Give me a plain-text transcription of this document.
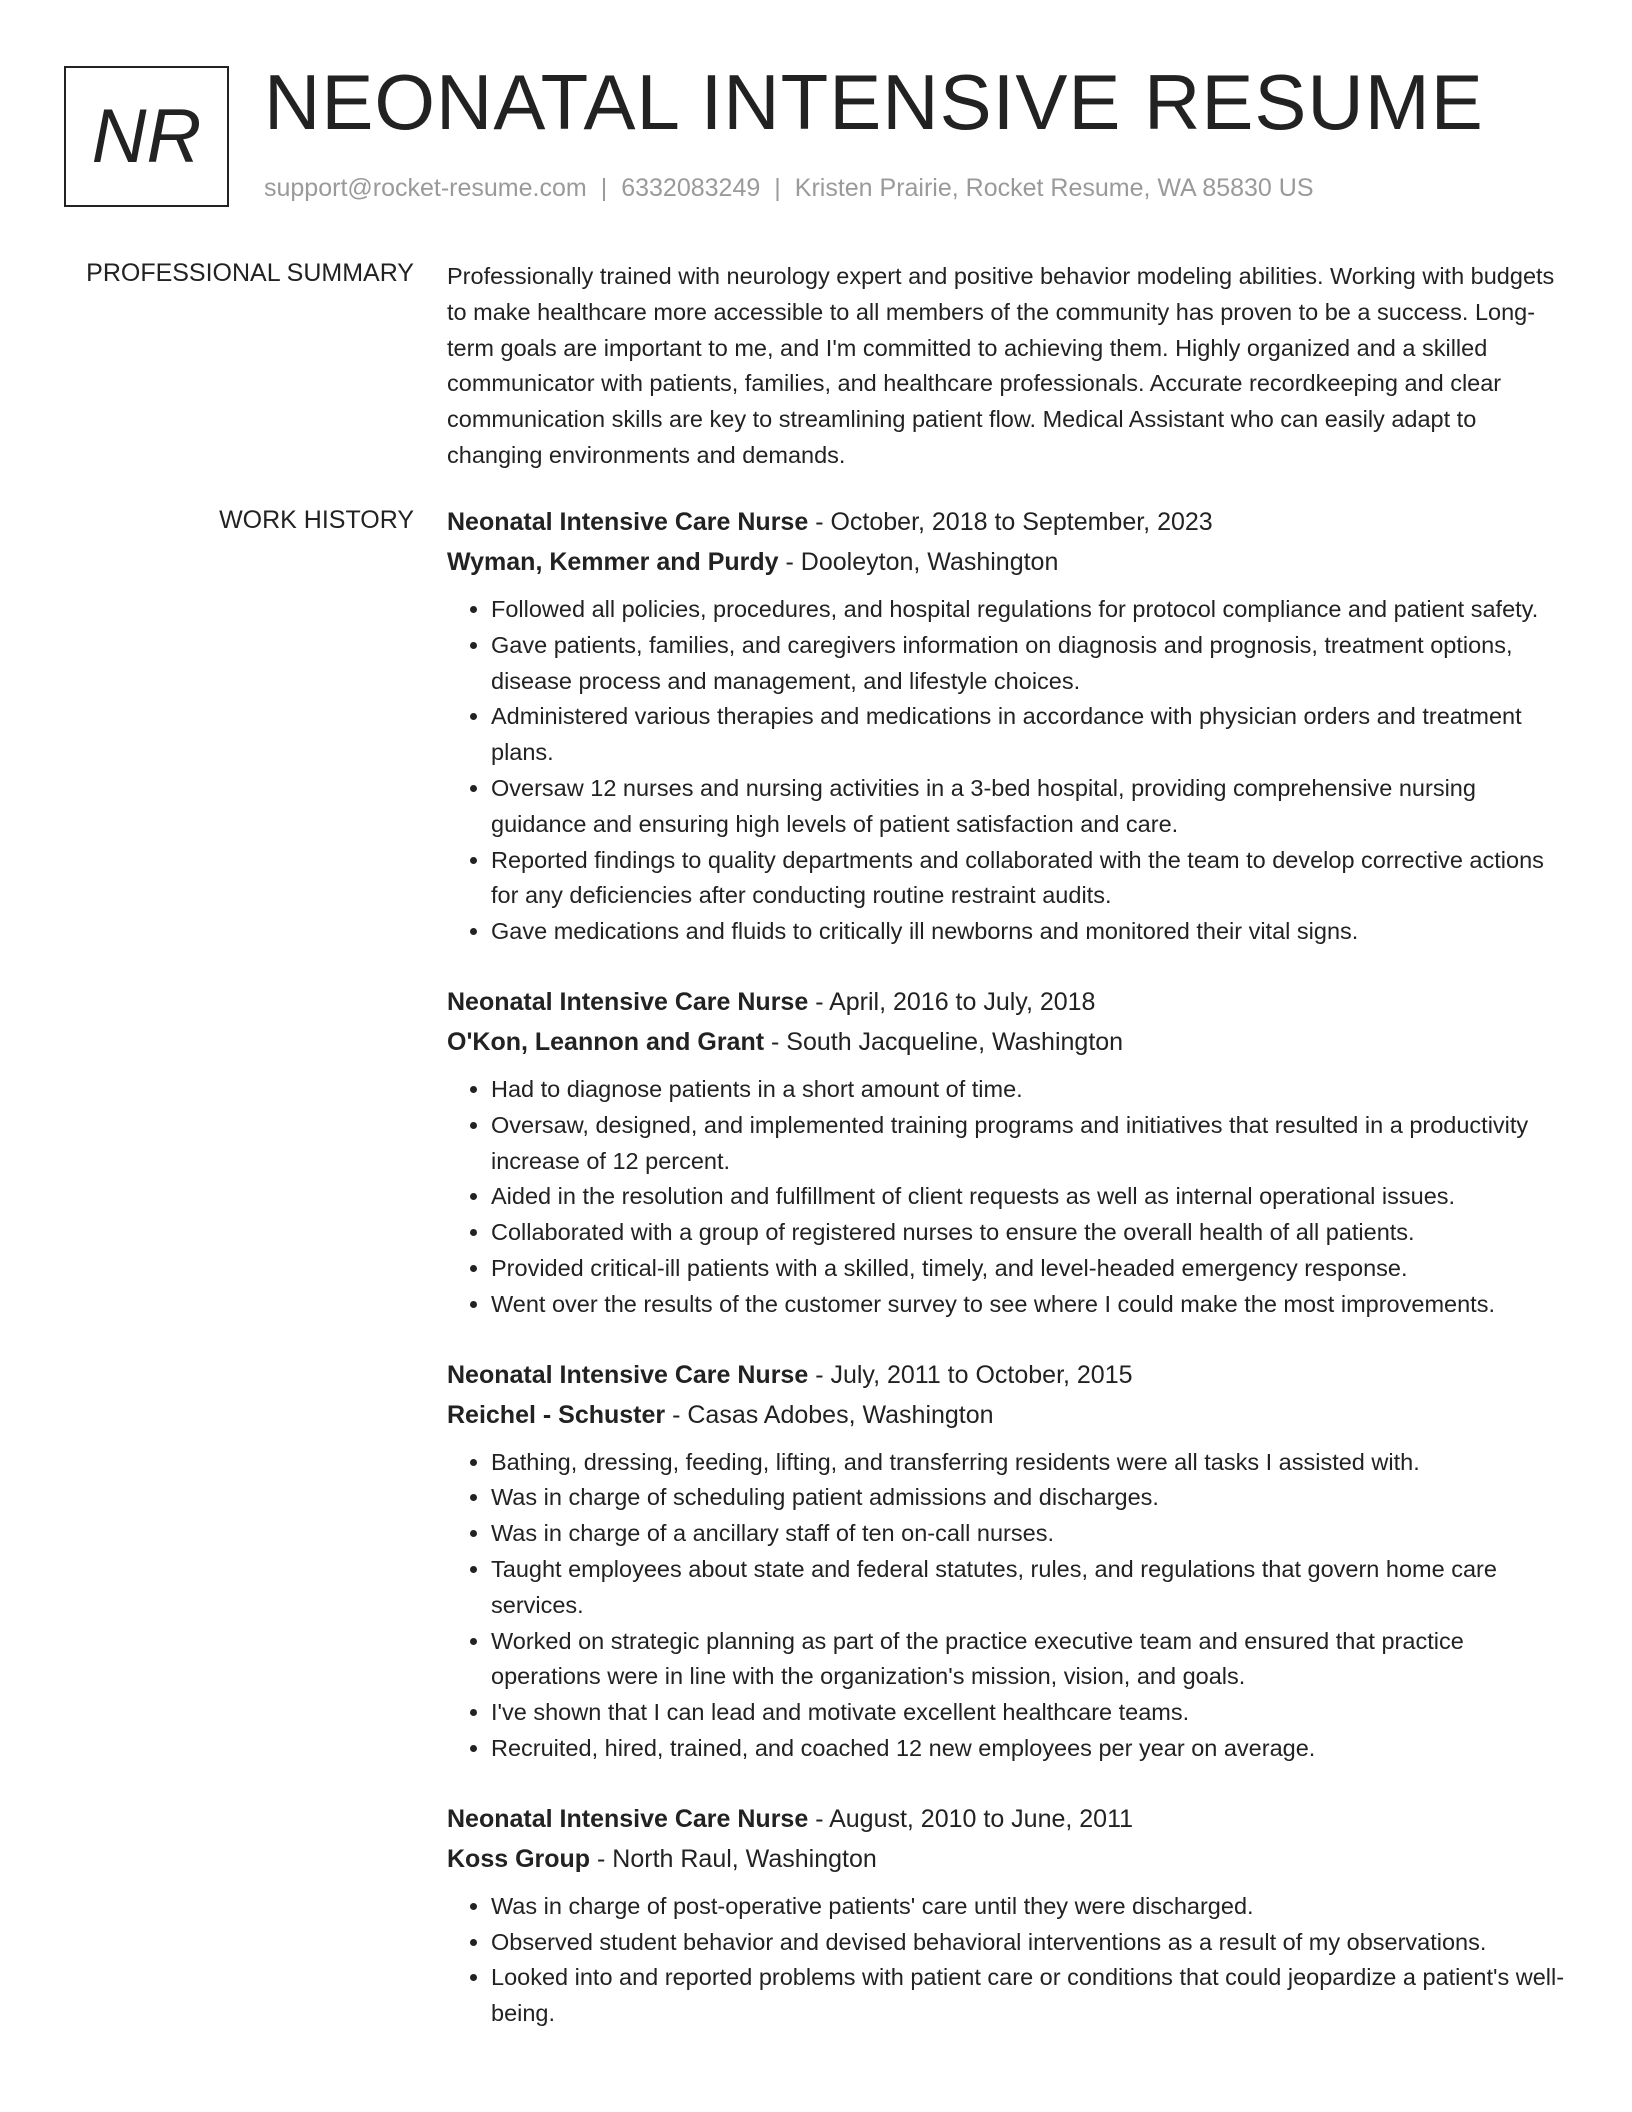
NR NEONATAL INTENSIVE RESUME
support@rocket-resume.com | 6332083249 | Kristen Prairie, Rocket Resume, WA 85830 US
PROFESSIONAL SUMMARY Professionally trained with neurology expert and positive behavior modeling abilities. Working with budgets to make healthcare more accessible to all members of the community has proven to be a success. Long-term goals are important to me, and I'm committed to achieving them. Highly organized and a skilled communicator with patients, families, and healthcare professionals. Accurate recordkeeping and clear communication skills are key to streamlining patient flow. Medical Assistant who can easily adapt to changing environments and demands.

WORK HISTORY Neonatal Intensive Care Nurse - October, 2018 to September, 2023
Wyman, Kemmer and Purdy - Dooleyton, Washington
• Followed all policies, procedures, and hospital regulations for protocol compliance and patient safety.
• Gave patients, families, and caregivers information on diagnosis and prognosis, treatment options, disease process and management, and lifestyle choices.
• Administered various therapies and medications in accordance with physician orders and treatment plans.
• Oversaw 12 nurses and nursing activities in a 3-bed hospital, providing comprehensive nursing guidance and ensuring high levels of patient satisfaction and care.
• Reported findings to quality departments and collaborated with the team to develop corrective actions for any deficiencies after conducting routine restraint audits.
• Gave medications and fluids to critically ill newborns and monitored their vital signs.
Neonatal Intensive Care Nurse - April, 2016 to July, 2018
O'Kon, Leannon and Grant - South Jacqueline, Washington
• Had to diagnose patients in a short amount of time.
• Oversaw, designed, and implemented training programs and initiatives that resulted in a productivity increase of 12 percent.
• Aided in the resolution and fulfillment of client requests as well as internal operational issues.
• Collaborated with a group of registered nurses to ensure the overall health of all patients.
• Provided critical-ill patients with a skilled, timely, and level-headed emergency response.
• Went over the results of the customer survey to see where I could make the most improvements.
Neonatal Intensive Care Nurse - July, 2011 to October, 2015
Reichel - Schuster - Casas Adobes, Washington
• Bathing, dressing, feeding, lifting, and transferring residents were all tasks I assisted with.
• Was in charge of scheduling patient admissions and discharges.
• Was in charge of a ancillary staff of ten on-call nurses.
• Taught employees about state and federal statutes, rules, and regulations that govern home care services.
• Worked on strategic planning as part of the practice executive team and ensured that practice operations were in line with the organization's mission, vision, and goals.
• I've shown that I can lead and motivate excellent healthcare teams.
• Recruited, hired, trained, and coached 12 new employees per year on average.
Neonatal Intensive Care Nurse - August, 2010 to June, 2011
Koss Group - North Raul, Washington
• Was in charge of post-operative patients' care until they were discharged.
• Observed student behavior and devised behavioral interventions as a result of my observations.
• Looked into and reported problems with patient care or conditions that could jeopardize a patient's well-being.
